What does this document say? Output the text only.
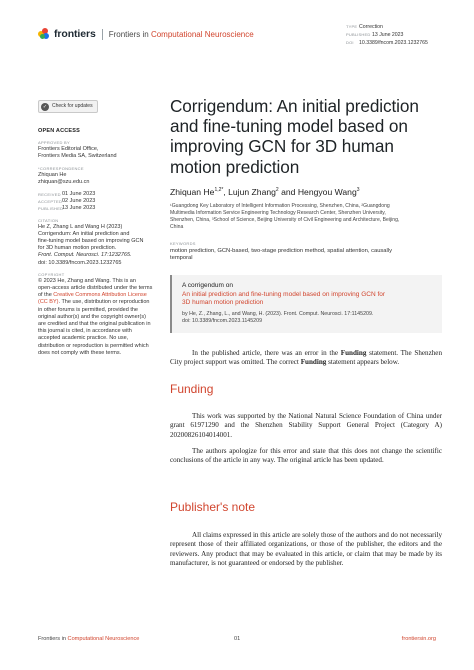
frontiers Frontiers in Computational Neuroscience
TYPE Correction
PUBLISHED 13 June 2023
DOI	10.3389/fncom.2023.1232765
✓ Check for updates
OPEN ACCESS
APPROVED BY
Frontiers Editorial Office,
Frontiers Media SA, Switzerland
*CORRESPONDENCE
Zhiquan He
zhiquan@szu.edu.cn
RECEIVED 01 June 2023
ACCEPTED 02 June 2023
PUBLISHED
13 June 2023
CITATION
He Z, Zhang L and Wang H (2023)
Corrigendum: An initial prediction and
fine-tuning model based on improving GCN
for 3D human motion prediction.
Front. Comput. Neurosci. 17:1232765.
doi: 10.3389/fncom.2023.1232765
COPYRIGHT
© 2023 He, Zhang and Wang. This is an
open-access article distributed under the terms
of the Creative Commons Attribution License
(CC BY). The use, distribution or reproduction
in other forums is permitted, provided the
original author(s) and the copyright owner(s)
are credited and that the original publication in
this journal is cited, in accordance with
accepted academic practice. No use,
distribution or reproduction is permitted which
does not comply with these terms.
Corrigendum: An initial prediction
and fine-tuning model based on
improving GCN for 3D human
motion prediction
Zhiquan $He^{1,2*}$, Lujun Zhang$^2$ and Hengyou Wang$^3$
¹Guangdong Key Laboratory of Intelligent Information Processing, Shenzhen, China, ²Guangdong
Multimedia Information Service Engineering Technology Research Center, Shenzhen University,
Shenzhen, China, ³School of Science, Beijing University of Civil Engineering and Architecture, Beijing,
China
KEYWORDS
motion prediction, GCN-based, two-stage prediction method, spatial attention, causally
temporal
A corrigendum on
An initial prediction and fine-tuning model based on improving GCN for
3D human motion prediction
by He, Z., Zhang, L., and Wang, H. (2023). Front. Comput. Neurosci. 17:1145209.
doi: 10.3389/fncom.2023.1145209
In the published article, there was an error in the Funding statement. The Shenzhen City project support was omitted. The correct Funding statement appears below.
Funding
This work was supported by the National Natural Science Foundation of China under grant 61971290 and the Shenzhen Stability Support General Project (Category A) 20200826104014001.
The authors apologize for this error and state that this does not change the scientific conclusions of the article in any way. The original article has been updated.
Publisher's note
All claims expressed in this article are solely those of the authors and do not necessarily represent those of their affiliated organizations, or those of the publisher, the editors and the reviewers. Any product that may be evaluated in this article, or claim that may be made by its manufacturer, is not guaranteed or endorsed by the publisher.
Frontiers in Computational Neuroscience	01	frontiersin.org
